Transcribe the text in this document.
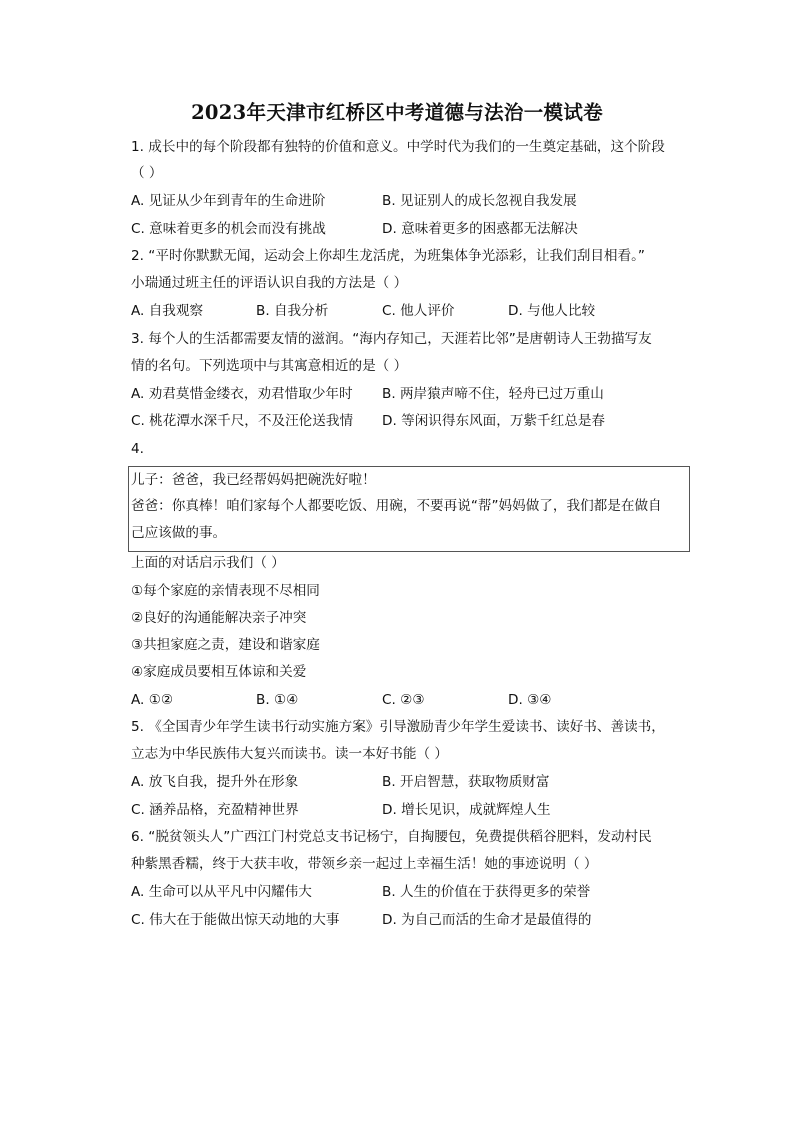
2023年天津市红桥区中考道德与法治一模试卷
1. 成长中的每个阶段都有独特的价值和意义。中学时代为我们的一生奠定基础，这个阶段
（ ）
A. 见证从少年到青年的生命进阶	B. 见证别人的成长忽视自我发展
C. 意味着更多的机会而没有挑战	D. 意味着更多的困惑都无法解决
2. “平时你默默无闻，运动会上你却生龙活虎，为班集体争光添彩，让我们刮目相看。”
小瑞通过班主任的评语认识自我的方法是（ ）
A. 自我观察	B. 自我分析	C. 他人评价	D. 与他人比较
3. 每个人的生活都需要友情的滋润。“海内存知己，天涯若比邻”是唐朝诗人王勃描写友
情的名句。下列选项中与其寓意相近的是（ ）
A. 劝君莫惜金缕衣，劝君惜取少年时 B. 两岸猿声啼不住，轻舟已过万重山
C. 桃花潭水深千尺，不及汪伦送我情 D. 等闲识得东风面，万紫千红总是春
4.
儿子：爸爸，我已经帮妈妈把碗洗好啦！
爸爸：你真棒！咱们家每个人都要吃饭、用碗，不要再说“帮”妈妈做了，我们都是在做自
己应该做的事。
上面的对话启示我们（ ）
①每个家庭的亲情表现不尽相同
②良好的沟通能解决亲子冲突
③共担家庭之责，建设和谐家庭
④家庭成员要相互体谅和关爱
A. ①②	B. ①④	C. ②③	D. ③④
5. 《全国青少年学生读书行动实施方案》引导激励青少年学生爱读书、读好书、善读书，
立志为中华民族伟大复兴而读书。读一本好书能（ ）
A. 放飞自我，提升外在形象	B. 开启智慧，获取物质财富
C. 涵养品格，充盈精神世界	D. 增长见识，成就辉煌人生
6. “脱贫领头人”广西江门村党总支书记杨宁，自掏腰包，免费提供稻谷肥料，发动村民
种紫黑香糯，终于大获丰收，带领乡亲一起过上幸福生活！她的事迹说明（ ）
A. 生命可以从平凡中闪耀伟大	B. 人生的价值在于获得更多的荣誉
C. 伟大在于能做出惊天动地的大事	D. 为自己而活的生命才是最值得的
